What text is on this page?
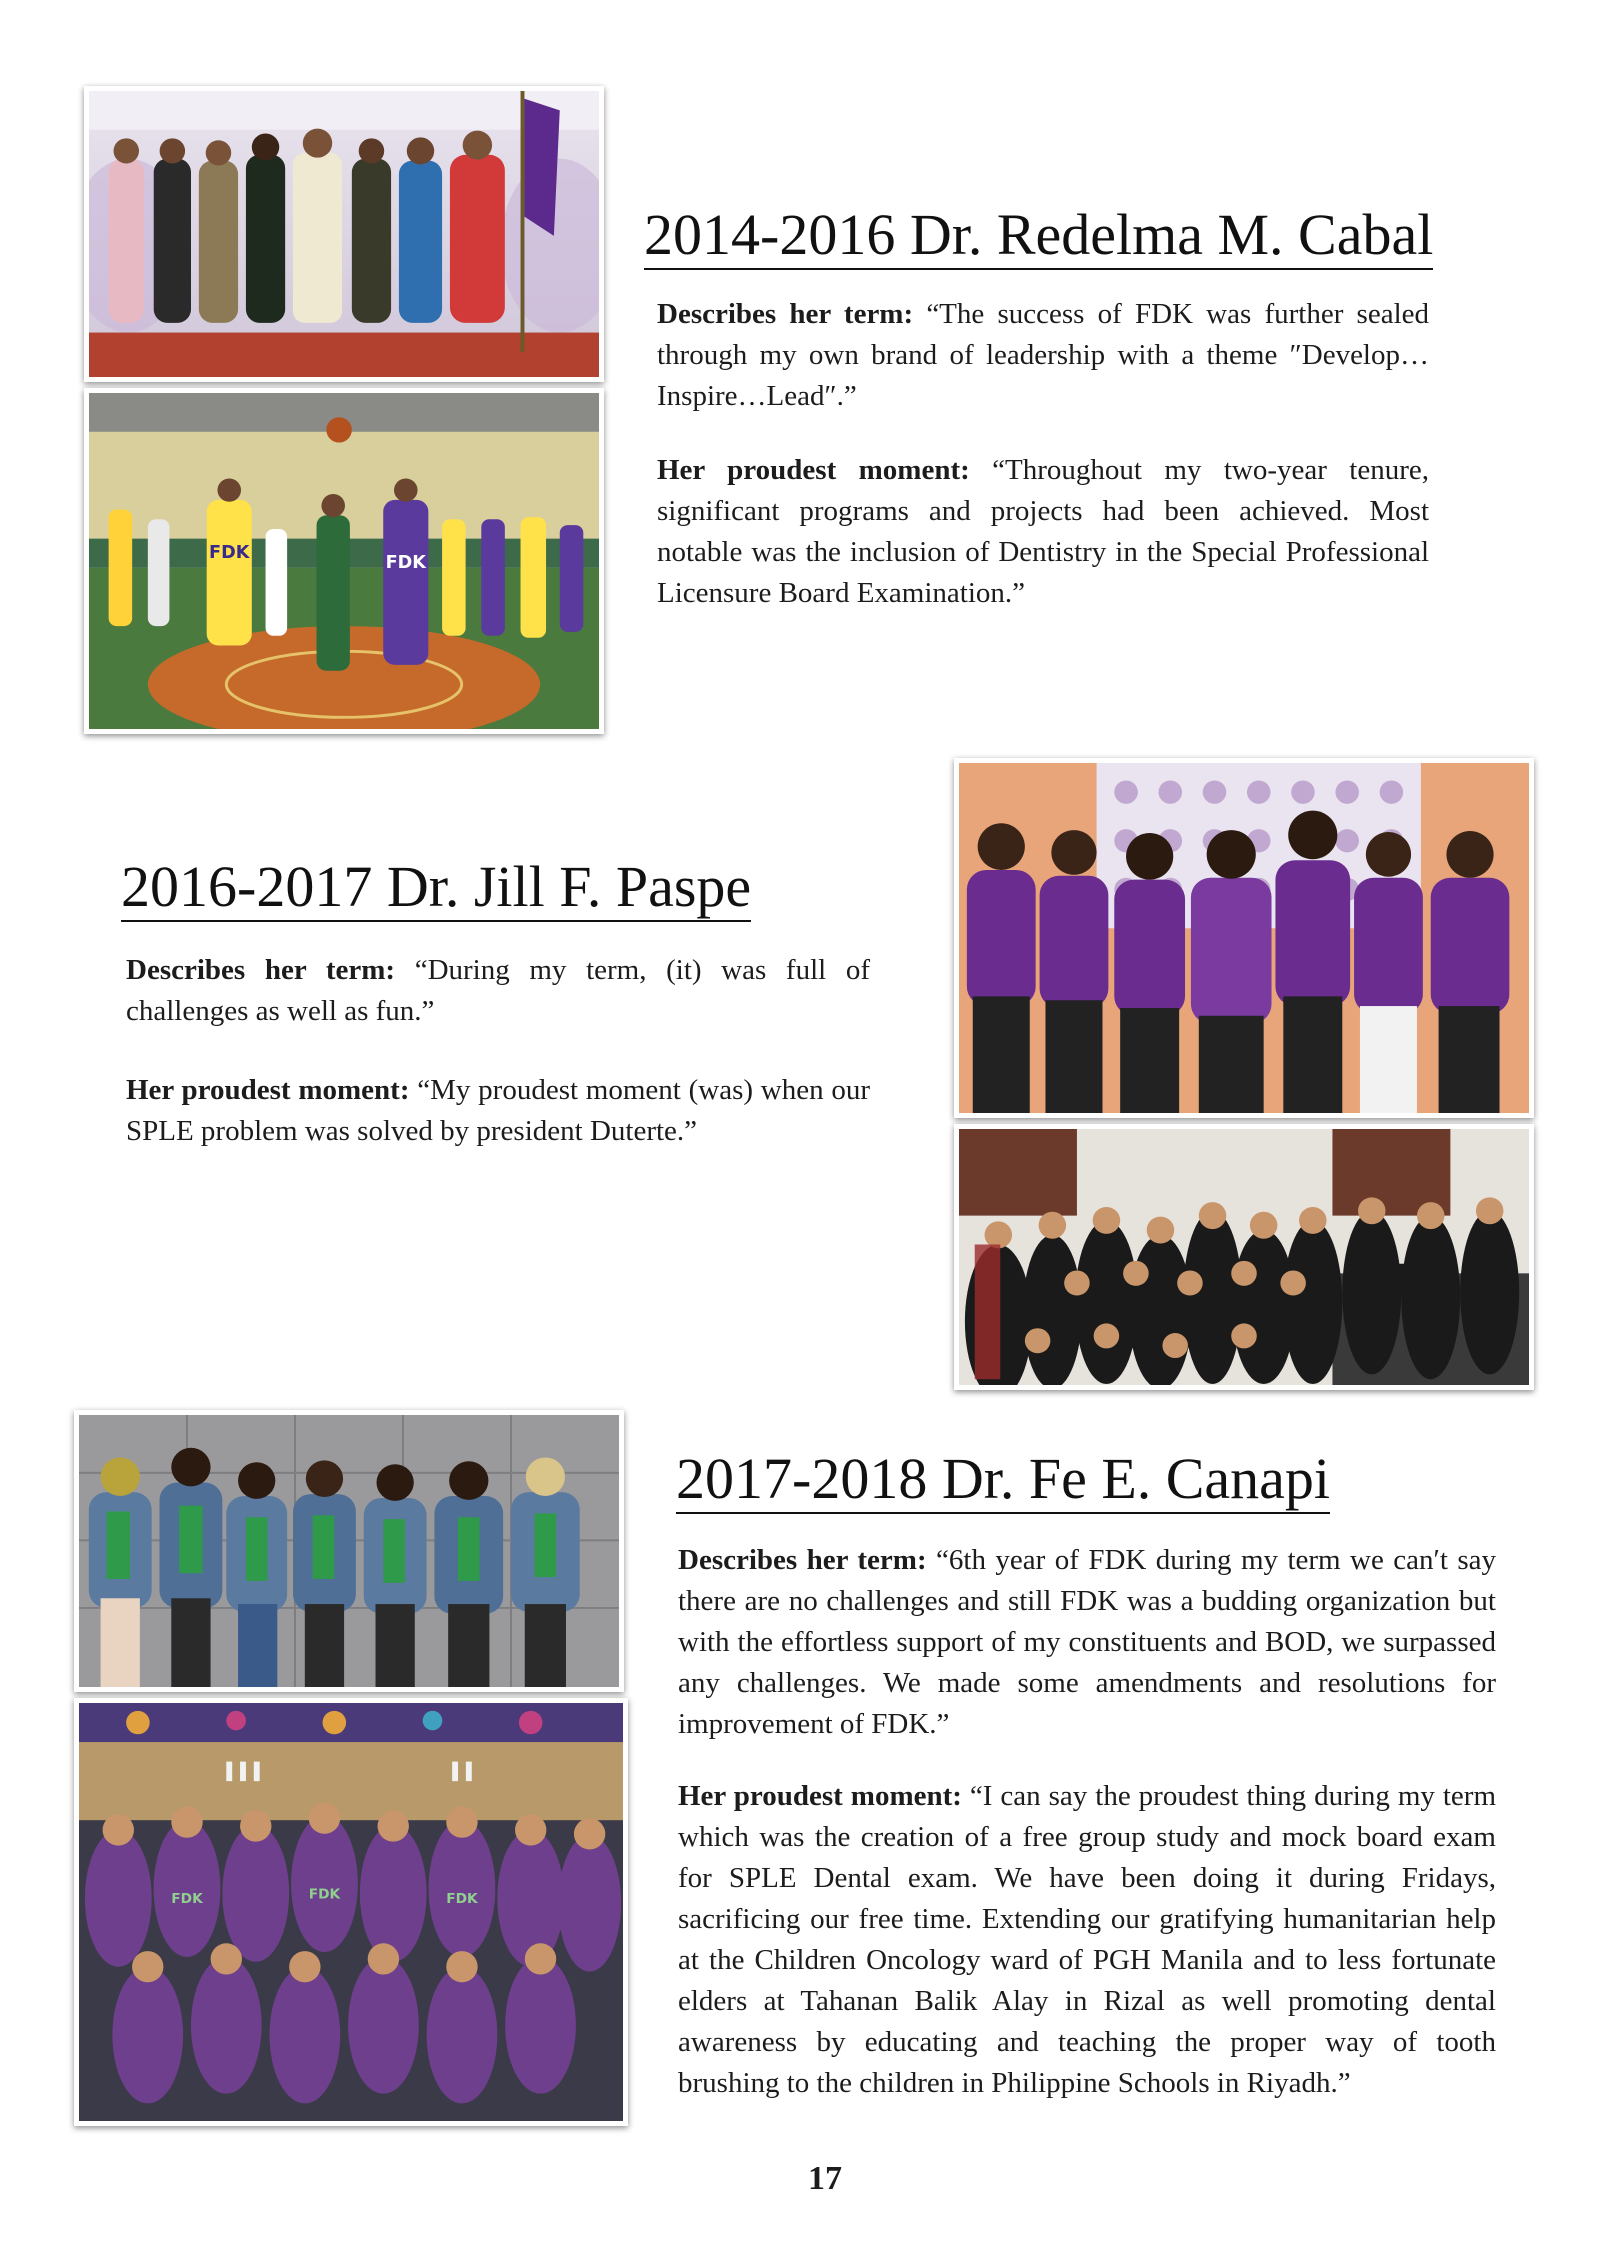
FDK	FDK
2014-2016 Dr. Redelma M. Cabal

Describes her term: “The success of FDK was further sealed through my own brand of leadership with a theme ″Develop…Inspire…Lead″.”

Her proudest moment: “Throughout my two-year tenure, significant programs and projects had been achieved. Most notable was the inclusion of Dentistry in the Special Professional Licensure Board Examination.”

2016-2017 Dr. Jill F. Paspe

Describes her term: “During my term, (it) was full of challenges as well as fun.”

Her proudest moment: “My proudest moment (was) when our SPLE problem was solved by president Duterte.”

FDK	FDK	FDK
2017-2018 Dr. Fe E. Canapi

Describes her term: “6th year of FDK during my term we can′t say there are no challenges and still FDK was a budding organization but with the effortless support of my constituents and BOD, we surpassed any challenges. We made some amendments and resolutions for improvement of FDK.”

Her proudest moment: “I can say the proudest thing during my term which was the creation of a free group study and mock board exam for SPLE Dental exam. We have been doing it during Fridays, sacrificing our free time. Extending our gratifying humanitarian help at the Children Oncology ward of PGH Manila and to less fortunate elders at Tahanan Balik Alay in Rizal as well promoting dental awareness by educating and teaching the proper way of tooth brushing to the children in Philippine Schools in Riyadh.”

17
